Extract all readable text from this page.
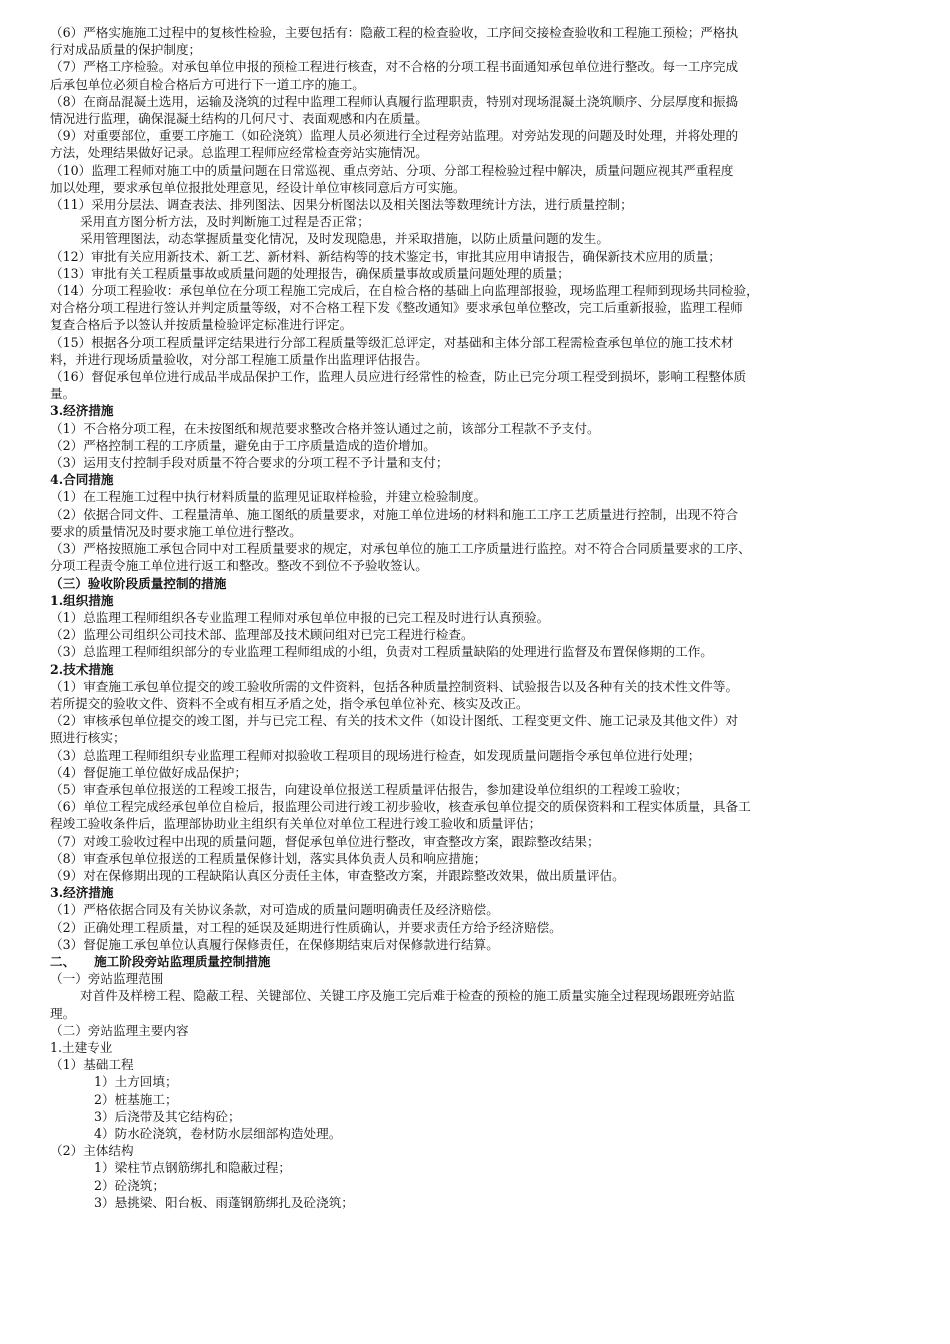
（6）严格实施施工过程中的复核性检验，主要包括有：隐蔽工程的检查验收，工序间交接检查验收和工程施工预检；严格执
行对成品质量的保护制度；
（7）严格工序检验。对承包单位申报的预检工程进行核查，对不合格的分项工程书面通知承包单位进行整改。每一工序完成
后承包单位必须自检合格后方可进行下一道工序的施工。
（8）在商品混凝土选用，运输及浇筑的过程中监理工程师认真履行监理职责，特别对现场混凝土浇筑顺序、分层厚度和振捣
情况进行监理，确保混凝土结构的几何尺寸、表面观感和内在质量。
（9）对重要部位，重要工序施工（如砼浇筑）监理人员必须进行全过程旁站监理。对旁站发现的问题及时处理，并将处理的
方法，处理结果做好记录。总监理工程师应经常检查旁站实施情况。
（10）监理工程师对施工中的质量问题在日常巡视、重点旁站、分项、分部工程检验过程中解决，质量问题应视其严重程度
加以处理，要求承包单位报批处理意见，经设计单位审核同意后方可实施。
（11）采用分层法、调查表法、排列图法、因果分析图法以及相关图法等数理统计方法，进行质量控制；
采用直方图分析方法，及时判断施工过程是否正常；
采用管理图法，动态掌握质量变化情况，及时发现隐患，并采取措施，以防止质量问题的发生。
（12）审批有关应用新技术、新工艺、新材料、新结构等的技术鉴定书，审批其应用申请报告，确保新技术应用的质量；
（13）审批有关工程质量事故或质量问题的处理报告，确保质量事故或质量问题处理的质量；
（14）分项工程验收：承包单位在分项工程施工完成后，在自检合格的基础上向监理部报验，现场监理工程师到现场共同检验，
对合格分项工程进行签认并判定质量等级，对不合格工程下发《整改通知》要求承包单位整改，完工后重新报验，监理工程师
复查合格后予以签认并按质量检验评定标准进行评定。
（15）根据各分项工程质量评定结果进行分部工程质量等级汇总评定，对基础和主体分部工程需检查承包单位的施工技术材
料，并进行现场质量验收，对分部工程施工质量作出监理评估报告。
（16）督促承包单位进行成品半成品保护工作，监理人员应进行经常性的检查，防止已完分项工程受到损坏，影响工程整体质
量。
3.经济措施
（1）不合格分项工程，在未按图纸和规范要求整改合格并签认通过之前，该部分工程款不予支付。
（2）严格控制工程的工序质量，避免由于工序质量造成的造价增加。
（3）运用支付控制手段对质量不符合要求的分项工程不予计量和支付；
4.合同措施
（1）在工程施工过程中执行材料质量的监理见证取样检验，并建立检验制度。
（2）依据合同文件、工程量清单、施工图纸的质量要求，对施工单位进场的材料和施工工序工艺质量进行控制，出现不符合
要求的质量情况及时要求施工单位进行整改。
（3）严格按照施工承包合同中对工程质量要求的规定，对承包单位的施工工序质量进行监控。对不符合合同质量要求的工序、
分项工程责令施工单位进行返工和整改。整改不到位不予验收签认。
（三）验收阶段质量控制的措施
1.组织措施
（1）总监理工程师组织各专业监理工程师对承包单位申报的已完工程及时进行认真预验。
（2）监理公司组织公司技术部、监理部及技术顾问组对已完工程进行检查。
（3）总监理工程师组织部分的专业监理工程师组成的小组，负责对工程质量缺陷的处理进行监督及布置保修期的工作。
2.技术措施
（1）审查施工承包单位提交的竣工验收所需的文件资料，包括各种质量控制资料、试验报告以及各种有关的技术性文件等。
若所提交的验收文件、资料不全或有相互矛盾之处，指令承包单位补充、核实及改正。
（2）审核承包单位提交的竣工图，并与已完工程、有关的技术文件（如设计图纸、工程变更文件、施工记录及其他文件）对
照进行核实；
（3）总监理工程师组织专业监理工程师对拟验收工程项目的现场进行检查，如发现质量问题指令承包单位进行处理；
（4）督促施工单位做好成品保护；
（5）审查承包单位报送的工程竣工报告，向建设单位报送工程质量评估报告，参加建设单位组织的工程竣工验收；
（6）单位工程完成经承包单位自检后，报监理公司进行竣工初步验收，核查承包单位提交的质保资料和工程实体质量，具备工
程竣工验收条件后，监理部协助业主组织有关单位对单位工程进行竣工验收和质量评估；
（7）对竣工验收过程中出现的质量问题，督促承包单位进行整改，审查整改方案，跟踪整改结果；
（8）审查承包单位报送的工程质量保修计划，落实具体负责人员和响应措施；
（9）对在保修期出现的工程缺陷认真区分责任主体，审查整改方案，并跟踪整改效果，做出质量评估。
3.经济措施
（1）严格依据合同及有关协议条款，对可造成的质量问题明确责任及经济赔偿。
（2）正确处理工程质量，对工程的延误及延期进行性质确认，并要求责任方给予经济赔偿。
（3）督促施工承包单位认真履行保修责任，在保修期结束后对保修款进行结算。
二、　　施工阶段旁站监理质量控制措施
（一）旁站监理范围
对首件及样榜工程、隐蔽工程、关键部位、关键工序及施工完后难于检查的预检的施工质量实施全过程现场跟班旁站监
理。
（二）旁站监理主要内容
1.土建专业
（1）基础工程
1）土方回填；
2）桩基施工；
3）后浇带及其它结构砼；
4）防水砼浇筑，卷材防水层细部构造处理。
（2）主体结构
1）梁柱节点钢筋绑扎和隐蔽过程；
2）砼浇筑；
3）悬挑梁、阳台板、雨蓬钢筋绑扎及砼浇筑；
